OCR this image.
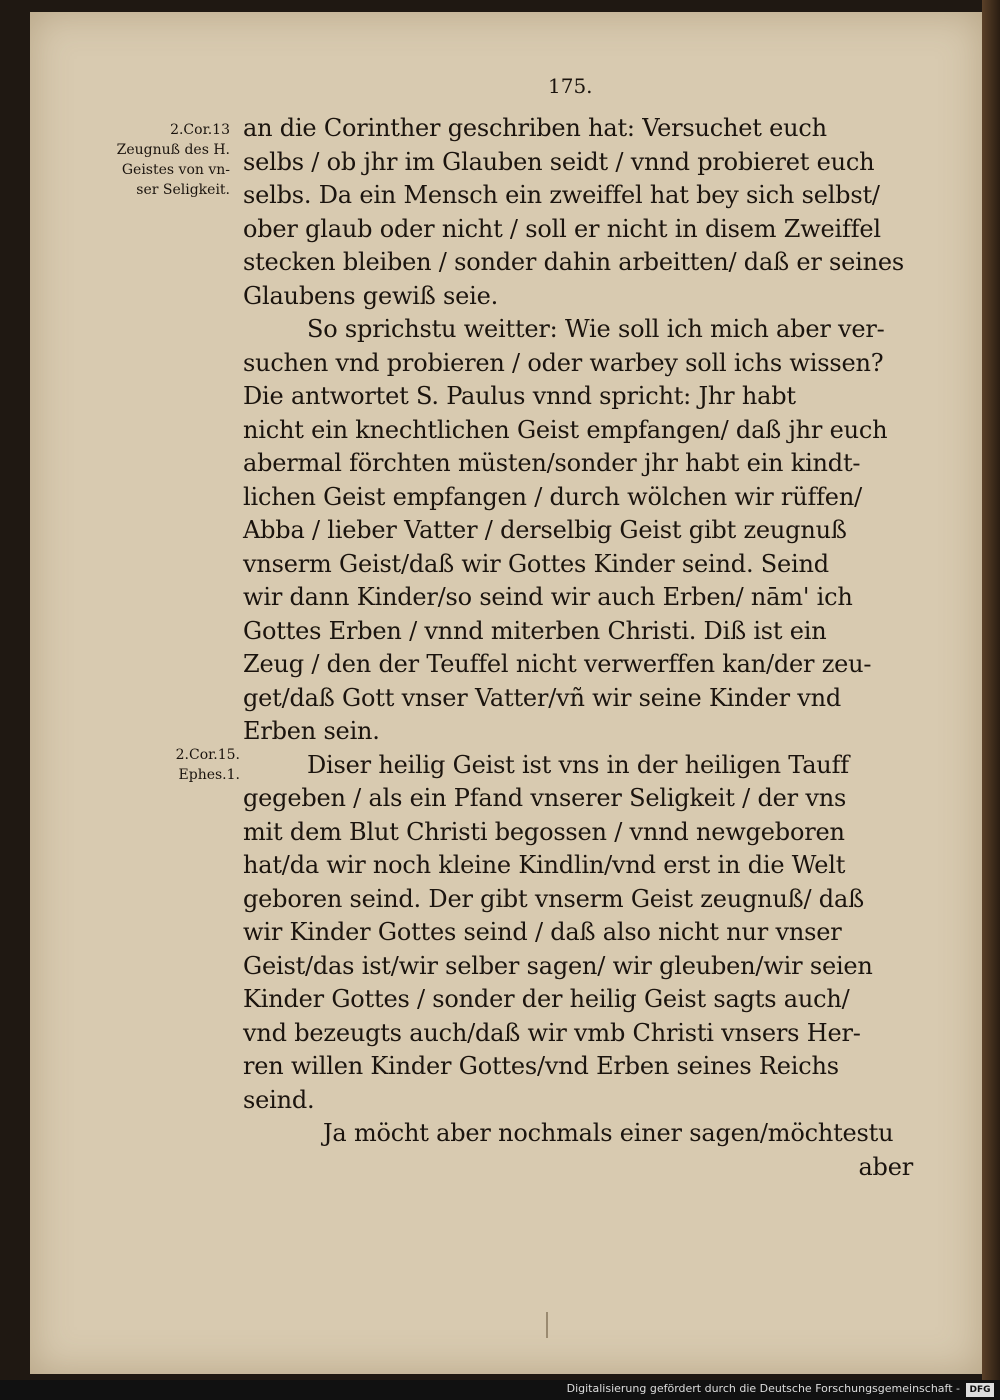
175.
2.Cor.13
Zeugnuß des H.
Geistes von vn-
ser Seligkeit.
2.Cor.15.
Ephes.1.
an die Corinther geschriben hat: Versuchet euch
selbs / ob jhr im Glauben seidt / vnnd probieret euch
selbs. Da ein Mensch ein zweiffel hat bey sich selbst/
ober glaub oder nicht / soll er nicht in disem Zweiffel
stecken bleiben / sonder dahin arbeitten/ daß er seines
Glaubens gewiß seie.
So sprichstu weitter: Wie soll ich mich aber ver-
suchen vnd probieren / oder warbey soll ichs wissen?
Die antwortet S. Paulus vnnd spricht: Jhr habt
nicht ein knechtlichen Geist empfangen/ daß jhr euch
abermal förchten müsten/sonder jhr habt ein kindt-
lichen Geist empfangen / durch wölchen wir rüffen/
Abba / lieber Vatter / derselbig Geist gibt zeugnuß
vnserm Geist/daß wir Gottes Kinder seind. Seind
wir dann Kinder/so seind wir auch Erben/ nām' ich
Gottes Erben / vnnd miterben Christi. Diß ist ein
Zeug / den der Teuffel nicht verwerffen kan/der zeu-
get/daß Gott vnser Vatter/vñ wir seine Kinder vnd
Erben sein.
Diser heilig Geist ist vns in der heiligen Tauff
gegeben / als ein Pfand vnserer Seligkeit / der vns
mit dem Blut Christi begossen / vnnd newgeboren
hat/da wir noch kleine Kindlin/vnd erst in die Welt
geboren seind. Der gibt vnserm Geist zeugnuß/ daß
wir Kinder Gottes seind / daß also nicht nur vnser
Geist/das ist/wir selber sagen/ wir gleuben/wir seien
Kinder Gottes / sonder der heilig Geist sagts auch/
vnd bezeugts auch/daß wir vmb Christi vnsers Her-
ren willen Kinder Gottes/vnd Erben seines Reichs
seind.
Ja möcht aber nochmals einer sagen/möchtestu
aber
Digitalisierung gefördert durch die Deutsche Forschungsgemeinschaft -	DFG
